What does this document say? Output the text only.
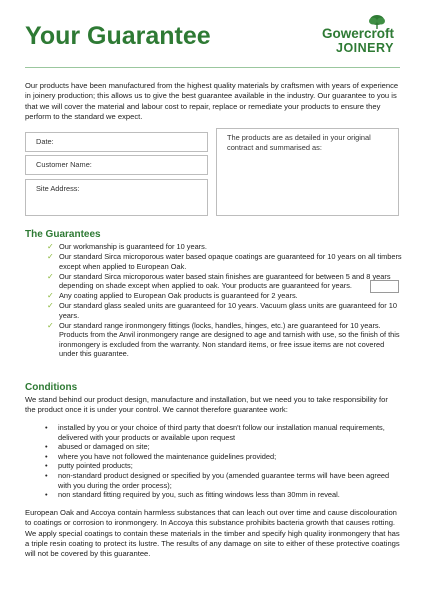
Your Guarantee	Gowercroft
JOINERY

Our products have been manufactured from the highest quality materials by craftsmen with years of experience in joinery production; this allows us to give the best guarantee available in the industry. Our guarantee to you is that we will cover the material and labour cost to repair, replace or remediate your products to ensure they perform to the standard we expect.

Date:
Customer Name:
Site Address:
The products are as detailed in your original contract and summarised as:
The Guarantees
✓ Our workmanship is guaranteed for 10 years.
✓ Our standard Sirca microporous water based opaque coatings are guaranteed for 10 years on all timbers except when applied to European Oak.
✓ Our standard Sirca microporous water based stain finishes are guaranteed for between 5 and 8 years depending on shade except when applied to oak. Your products are guaranteed for years.
✓ Any coating applied to European Oak products is guaranteed for 2 years.
✓ Our standard glass sealed units are guaranteed for 10 years. Vacuum glass units are guaranteed for 10 years.
✓ Our standard range ironmongery fittings (locks, handles, hinges, etc.) are guaranteed for 10 years. Products from the Anvil ironmongery range are designed to age and tarnish with use, so the finish of this ironmongery is excluded from the warranty. Non standard items, or free issue items are not covered under this guarantee.
Conditions

We stand behind our product design, manufacture and installation, but we need you to take responsibility for the product once it is under your control. We cannot therefore guarantee work:

• installed by you or your choice of third party that doesn't follow our installation manual requirements, delivered with your products or available upon request
• abused or damaged on site;
• where you have not followed the maintenance guidelines provided;
• putty pointed products;
• non-standard product designed or specified by you (amended guarantee terms will have been agreed with you during the order process);
• non standard fitting required by you, such as fitting windows less than 30mm in reveal.

European Oak and Accoya contain harmless substances that can leach out over time and cause discolouration to coatings or corrosion to ironmongery. In Accoya this substance prohibits bacteria growth that causes rotting. We apply special coatings to contain these materials in the timber and specify high quality ironmongery that has a triple resin coating to protect its lustre. The results of any damage on site to either of these protective coatings will not be covered by this guarantee.
